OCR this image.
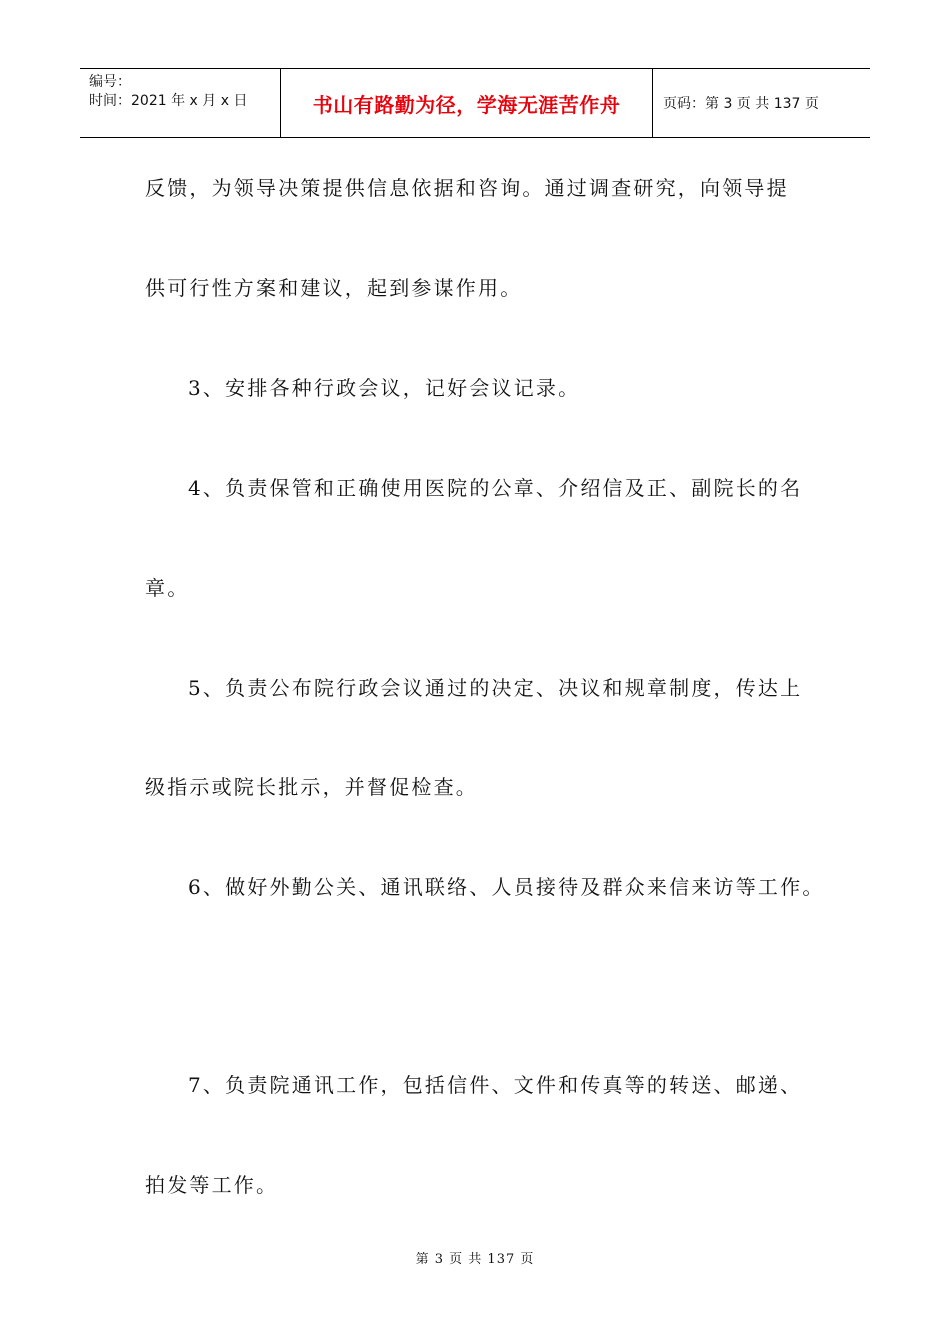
编号：
时间：2021 年 x 月 x 日	书山有路勤为径，学海无涯苦作舟	页码：第 3 页 共 137 页

反馈，为领导决策提供信息依据和咨询。通过调查研究，向领导提

供可行性方案和建议，起到参谋作用。

3、安排各种行政会议，记好会议记录。

4、负责保管和正确使用医院的公章、介绍信及正、副院长的名

章。

5、负责公布院行政会议通过的决定、决议和规章制度，传达上

级指示或院长批示，并督促检查。

6、做好外勤公关、通讯联络、人员接待及群众来信来访等工作。

7、负责院通讯工作，包括信件、文件和传真等的转送、邮递、

拍发等工作。

第 3 页 共 137 页
